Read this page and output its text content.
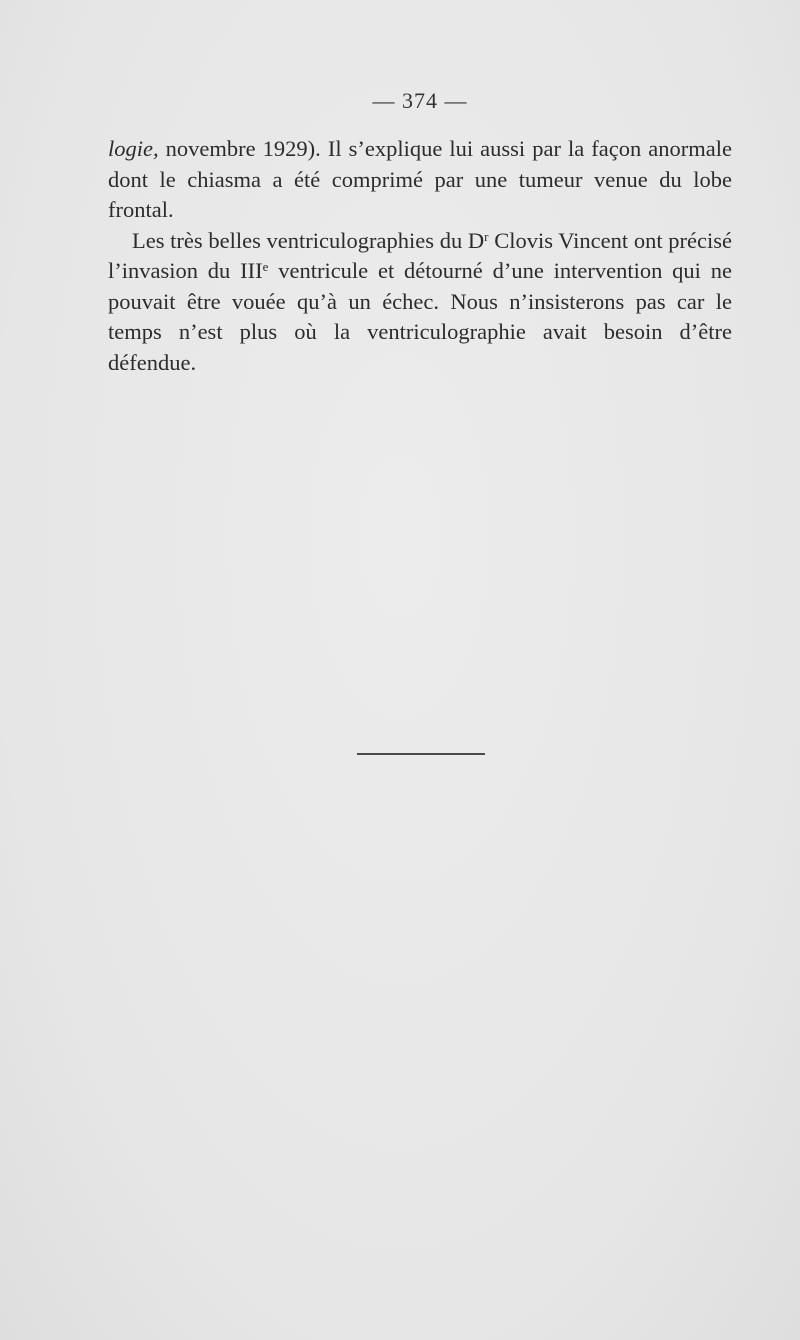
— 374 —

logie, novembre 1929). Il s’explique lui aussi par la façon anormale dont le chiasma a été comprimé par une tumeur venue du lobe frontal.

Les très belles ventriculographies du $D^r$ Clovis Vincent ont précisé l’invasion du IIIe ventricule et détourné d’une intervention qui ne pouvait être vouée qu’à un échec. Nous n’insisterons pas car le temps n’est plus où la ventriculographie avait besoin d’être défendue.
